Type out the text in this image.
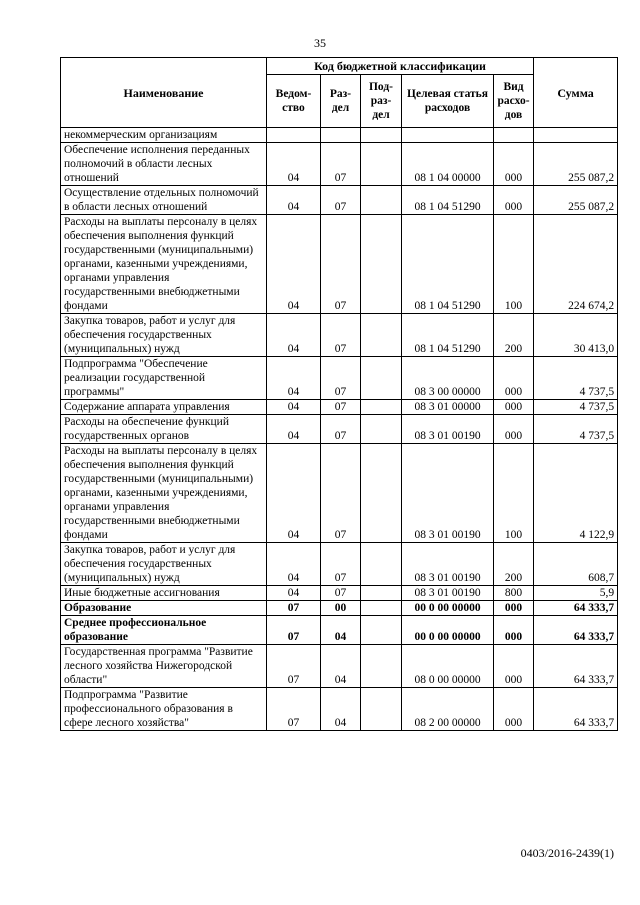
35
Наименование	Код бюджетной классификации					Сумма
	Ведом-ство	Раз-дел	Под-раз-дел	Целевая статья расходов	Вид расхо-дов	
некоммерческим организациям						
Обеспечение исполнения переданных полномочий в области лесных отношений	04	07		08 1 04 00000	000	255 087,2
Осуществление отдельных полномочий в области лесных отношений	04	07		08 1 04 51290	000	255 087,2
Расходы на выплаты персоналу в целях обеспечения выполнения функций государственными (муниципальными) органами, казенными учреждениями, органами управления государственными внебюджетными фондами	04	07		08 1 04 51290	100	224 674,2
Закупка товаров, работ и услуг для обеспечения государственных (муниципальных) нужд	04	07		08 1 04 51290	200	30 413,0
Подпрограмма "Обеспечение реализации государственной программы"	04	07		08 3 00 00000	000	4 737,5
Содержание аппарата управления	04	07		08 3 01 00000	000	4 737,5
Расходы на обеспечение функций государственных органов	04	07		08 3 01 00190	000	4 737,5
Расходы на выплаты персоналу в целях обеспечения выполнения функций государственными (муниципальными) органами, казенными учреждениями, органами управления государственными внебюджетными фондами	04	07		08 3 01 00190	100	4 122,9
Закупка товаров, работ и услуг для обеспечения государственных (муниципальных) нужд	04	07		08 3 01 00190	200	608,7
Иные бюджетные ассигнования	04	07		08 3 01 00190	800	5,9
Образование	07	00		00 0 00 00000	000	64 333,7
Среднее профессиональное образование	07	04		00 0 00 00000	000	64 333,7
Государственная программа "Развитие лесного хозяйства Нижегородской области"	07	04		08 0 00 00000	000	64 333,7
Подпрограмма "Развитие профессионального образования в сфере лесного хозяйства"	07	04		08 2 00 00000	000	64 333,7
0403/2016-2439(1)
